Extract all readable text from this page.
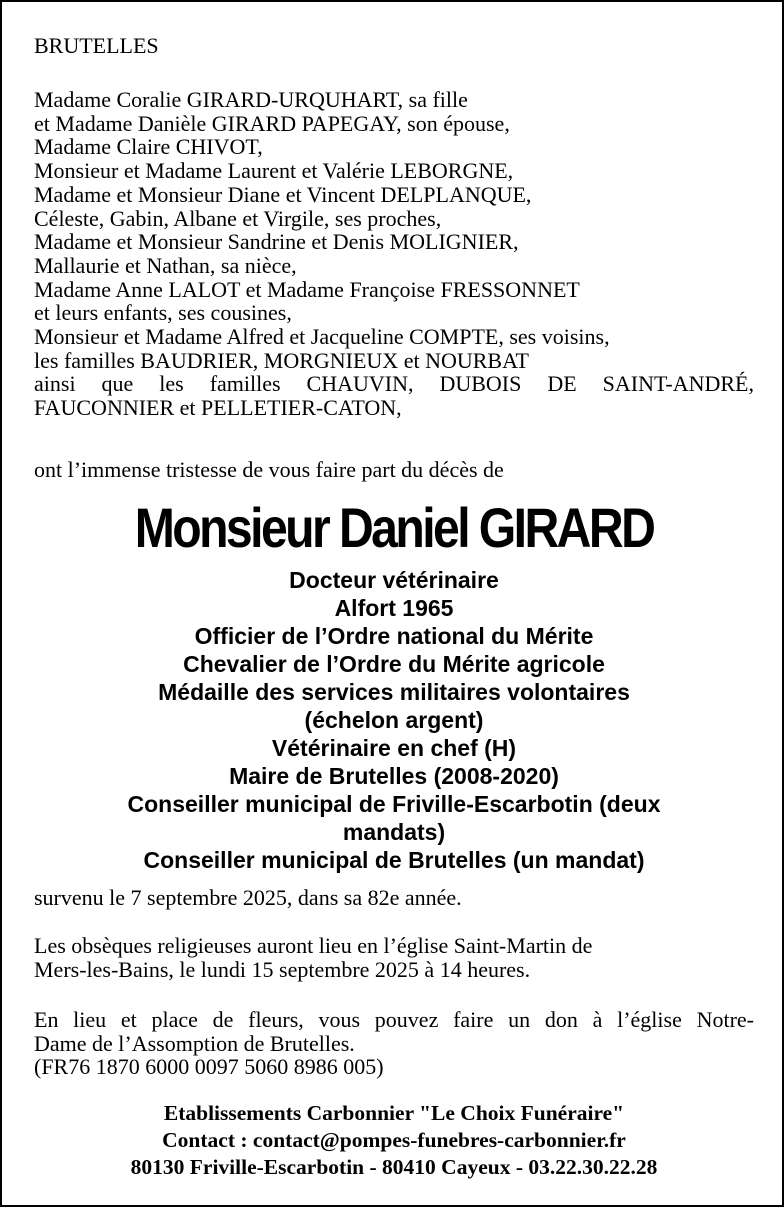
BRUTELLES

Madame Coralie GIRARD-URQUHART, sa fille
et Madame Danièle GIRARD PAPEGAY, son épouse,
Madame Claire CHIVOT,
Monsieur et Madame Laurent et Valérie LEBORGNE,
Madame et Monsieur Diane et Vincent DELPLANQUE,
Céleste, Gabin, Albane et Virgile, ses proches,
Madame et Monsieur Sandrine et Denis MOLIGNIER,
Mallaurie et Nathan, sa nièce,
Madame Anne LALOT et Madame Françoise FRESSONNET
et leurs enfants, ses cousines,
Monsieur et Madame Alfred et Jacqueline COMPTE, ses voisins,
les familles BAUDRIER, MORGNIEUX et NOURBAT
ainsi que les familles CHAUVIN, DUBOIS DE SAINT-ANDRÉ,
FAUCONNIER et PELLETIER-CATON,

ont l’immense tristesse de vous faire part du décès de

Monsieur Daniel GIRARD

Docteur vétérinaire
Alfort 1965
Officier de l’Ordre national du Mérite
Chevalier de l’Ordre du Mérite agricole
Médaille des services militaires volontaires
(échelon argent)
Vétérinaire en chef (H)
Maire de Brutelles (2008-2020)
Conseiller municipal de Friville-Escarbotin (deux
mandats)
Conseiller municipal de Brutelles (un mandat)

survenu le 7 septembre 2025, dans sa 82e année.

Les obsèques religieuses auront lieu en l’église Saint-Martin de
Mers-les-Bains, le lundi 15 septembre 2025 à 14 heures.

En lieu et place de fleurs, vous pouvez faire un don à l’église Notre-
Dame de l’Assomption de Brutelles.
(FR76 1870 6000 0097 5060 8986 005)

Etablissements Carbonnier "Le Choix Funéraire"
Contact : contact@pompes-funebres-carbonnier.fr
80130 Friville-Escarbotin - 80410 Cayeux - 03.22.30.22.28
